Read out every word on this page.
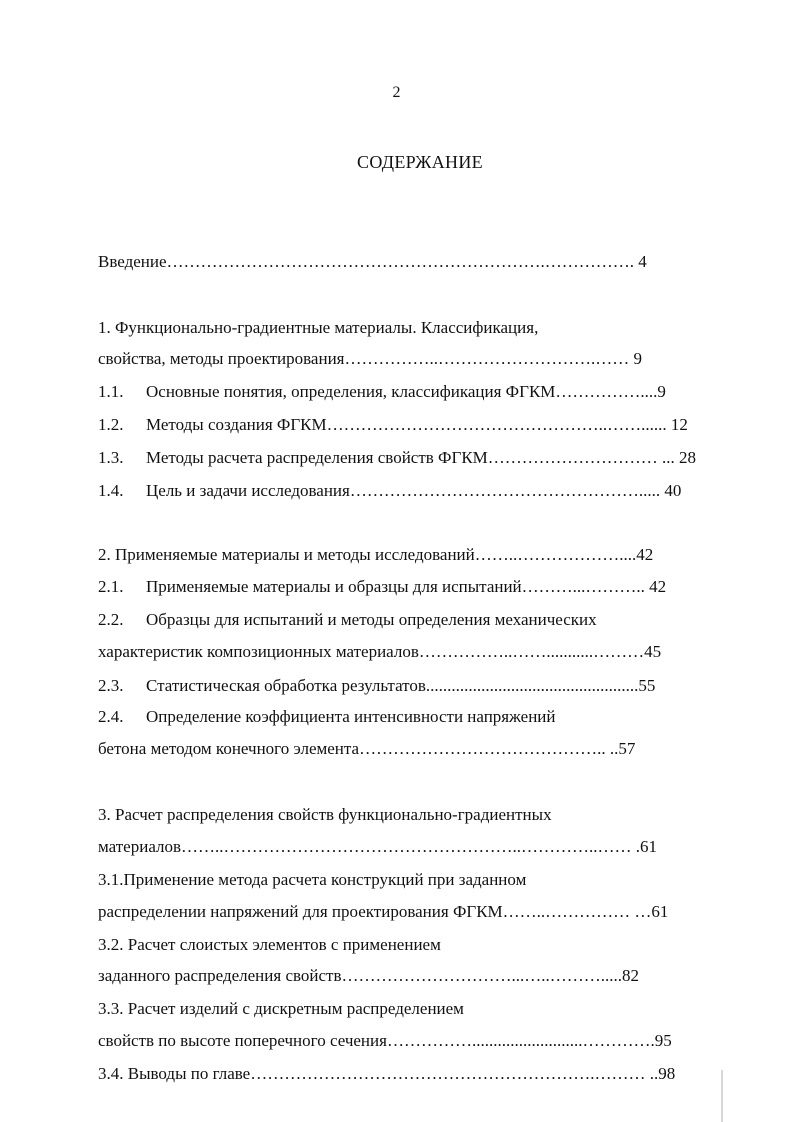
2
СОДЕРЖАНИЕ
Введение………………………………………………………….……………. 4
1. Функционально-градиентные материалы. Классификация,
свойства, методы проектирования……………..……………………….…… 9
1.1. Основные понятия, определения, классификация ФГКМ……………....9
1.2. Методы создания ФГКМ…………………………………………..……...... 12
1.3. Методы расчета распределения свойств ФГКМ………………………… ... 28
1.4. Цель и задачи исследования……………………………………………..... 40
2. Применяемые материалы и методы исследований……..………………....42
2.1. Применяемые материалы и образцы для испытаний………...……….. 42
2.2. Образцы для испытаний и методы определения механических
характеристик композиционных материалов……………..……...........………45
2.3. Статистическая обработка результатов..................................................55
2.4. Определение коэффициента интенсивности напряжений
бетона методом конечного элемента…………………………………….. ..57
3. Расчет распределения свойств функционально-градиентных
материалов……..……………………………………………..…………..…… .61
3.1.Применение метода расчета конструкций при заданном
распределении напряжений для проектирования ФГКМ……..…………… …61
3.2. Расчет слоистых элементов с применением
заданного распределения свойств…………………………...…..……….....82
3.3. Расчет изделий с дискретным распределением
свойств по высоте поперечного сечения……………..........................………….95
3.4. Выводы по главе…………………………………………………….……… ..98
